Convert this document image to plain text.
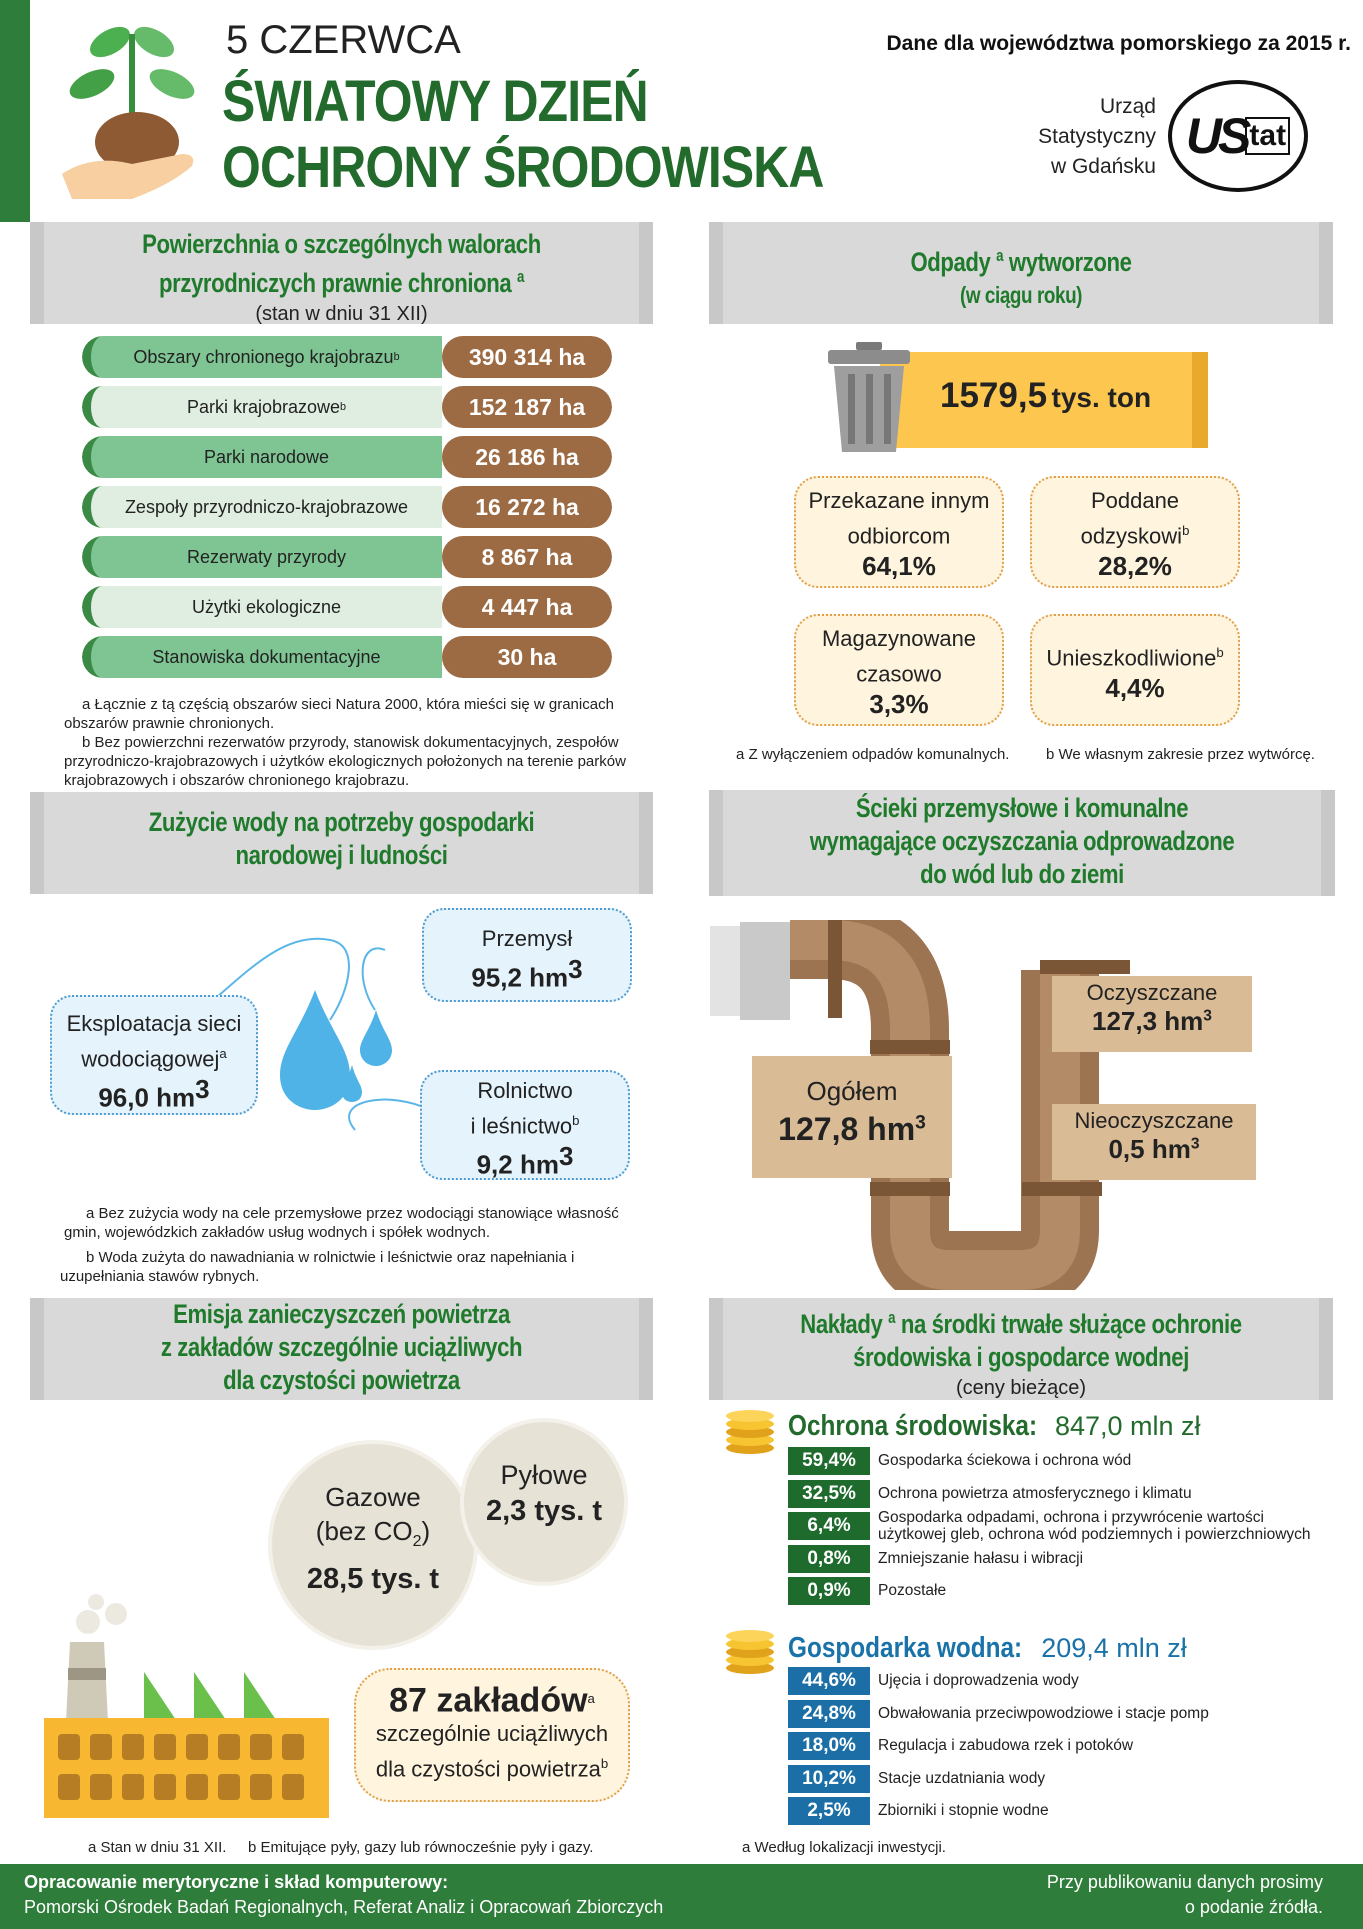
5 CZERWCA
ŚWIATOWY DZIEŃ
OCHRONY ŚRODOWISKA
Dane dla województwa pomorskiego za 2015 r.
Urząd
Statystyczny
w Gdańsku
US tat
Powierzchnia o szczególnych walorach
przyrodniczych prawnie chroniona $^a$
(stan w dniu 31 XII)
Obszary chronionego krajobrazu b	390 314 ha
Parki krajobrazowe b	152 187 ha
Parki narodowe	26 186 ha
Zespoły przyrodniczo-krajobrazowe	16 272 ha
Rezerwaty przyrody	8 867 ha
Użytki ekologiczne	4 447 ha
Stanowiska dokumentacyjne	30 ha
a Łącznie z tą częścią obszarów sieci Natura 2000, która mieści się w granicach obszarów prawnie chronionych.
b Bez powierzchni rezerwatów przyrody, stanowisk dokumentacyjnych, zespołów przyrodniczo-krajobrazowych i użytków ekologicznych położonych na terenie parków krajobrazowych i obszarów chronionego krajobrazu.
Odpady $^a$ wytworzone
(w ciągu roku)
1579,5 tys. ton
Przekazane innym
odbiorcom
64,1%
Poddane
odzyskowi$^b$
28,2%
Magazynowane
czasowo
3,3%
Unieszkodliwione$^b$
4,4%
a Z wyłączeniem odpadów komunalnych. b We własnym zakresie przez wytwórcę.
Zużycie wody na potrzeby gospodarki
narodowej i ludności
Eksploatacja sieci
wodociągowej$^a$
96,0 hm3
Przemysł
95,2 hm3
Rolnictwo
i leśnictwo$^b$
9,2 hm3
a Bez zużycia wody na cele przemysłowe przez wodociągi stanowiące własność gmin, wojewódzkich zakładów usług wodnych i spółek wodnych.
b Woda zużyta do nawadniania w rolnictwie i leśnictwie oraz napełniania i uzupełniania stawów rybnych.
Ścieki przemysłowe i komunalne
wymagające oczyszczania odprowadzone
do wód lub do ziemi
Ogółem
127,8 $hm^3$
Oczyszczane
127,3 $hm^3$
Nieoczyszczane
0,5 $hm^3$
Emisja zanieczyszczeń powietrza
z zakładów szczególnie uciążliwych
dla czystości powietrza
Gazowe
(bez $CO_2$)
28,5 tys. t
Pyłowe
2,3 tys. t
87 zakładów$^a$
szczególnie uciążliwych
dla czystości powietrza$^b$
a Stan w dniu 31 XII. b Emitujące pyły, gazy lub równocześnie pyły i gazy.
Nakłady $^a$ na środki trwałe służące ochronie
środowiska i gospodarce wodnej
(ceny bieżące)
Ochrona środowiska: 847,0 mln zł
59,4%	Gospodarka ściekowa i ochrona wód
32,5%	Ochrona powietrza atmosferycznego i klimatu
6,4%	Gospodarka odpadami, ochrona i przywrócenie wartości użytkowej gleb, ochrona wód podziemnych i powierzchniowych
0,8%	Zmniejszanie hałasu i wibracji
0,9%	Pozostałe
Gospodarka wodna: 209,4 mln zł
44,6%	Ujęcia i doprowadzenia wody
24,8%	Obwałowania przeciwpowodziowe i stacje pomp
18,0%	Regulacja i zabudowa rzek i potoków
10,2%	Stacje uzdatniania wody
2,5%	Zbiorniki i stopnie wodne
a Według lokalizacji inwestycji.
Opracowanie merytoryczne i skład komputerowy:
Pomorski Ośrodek Badań Regionalnych, Referat Analiz i Opracowań Zbiorczych
Przy publikowaniu danych prosimy
o podanie źródła.
